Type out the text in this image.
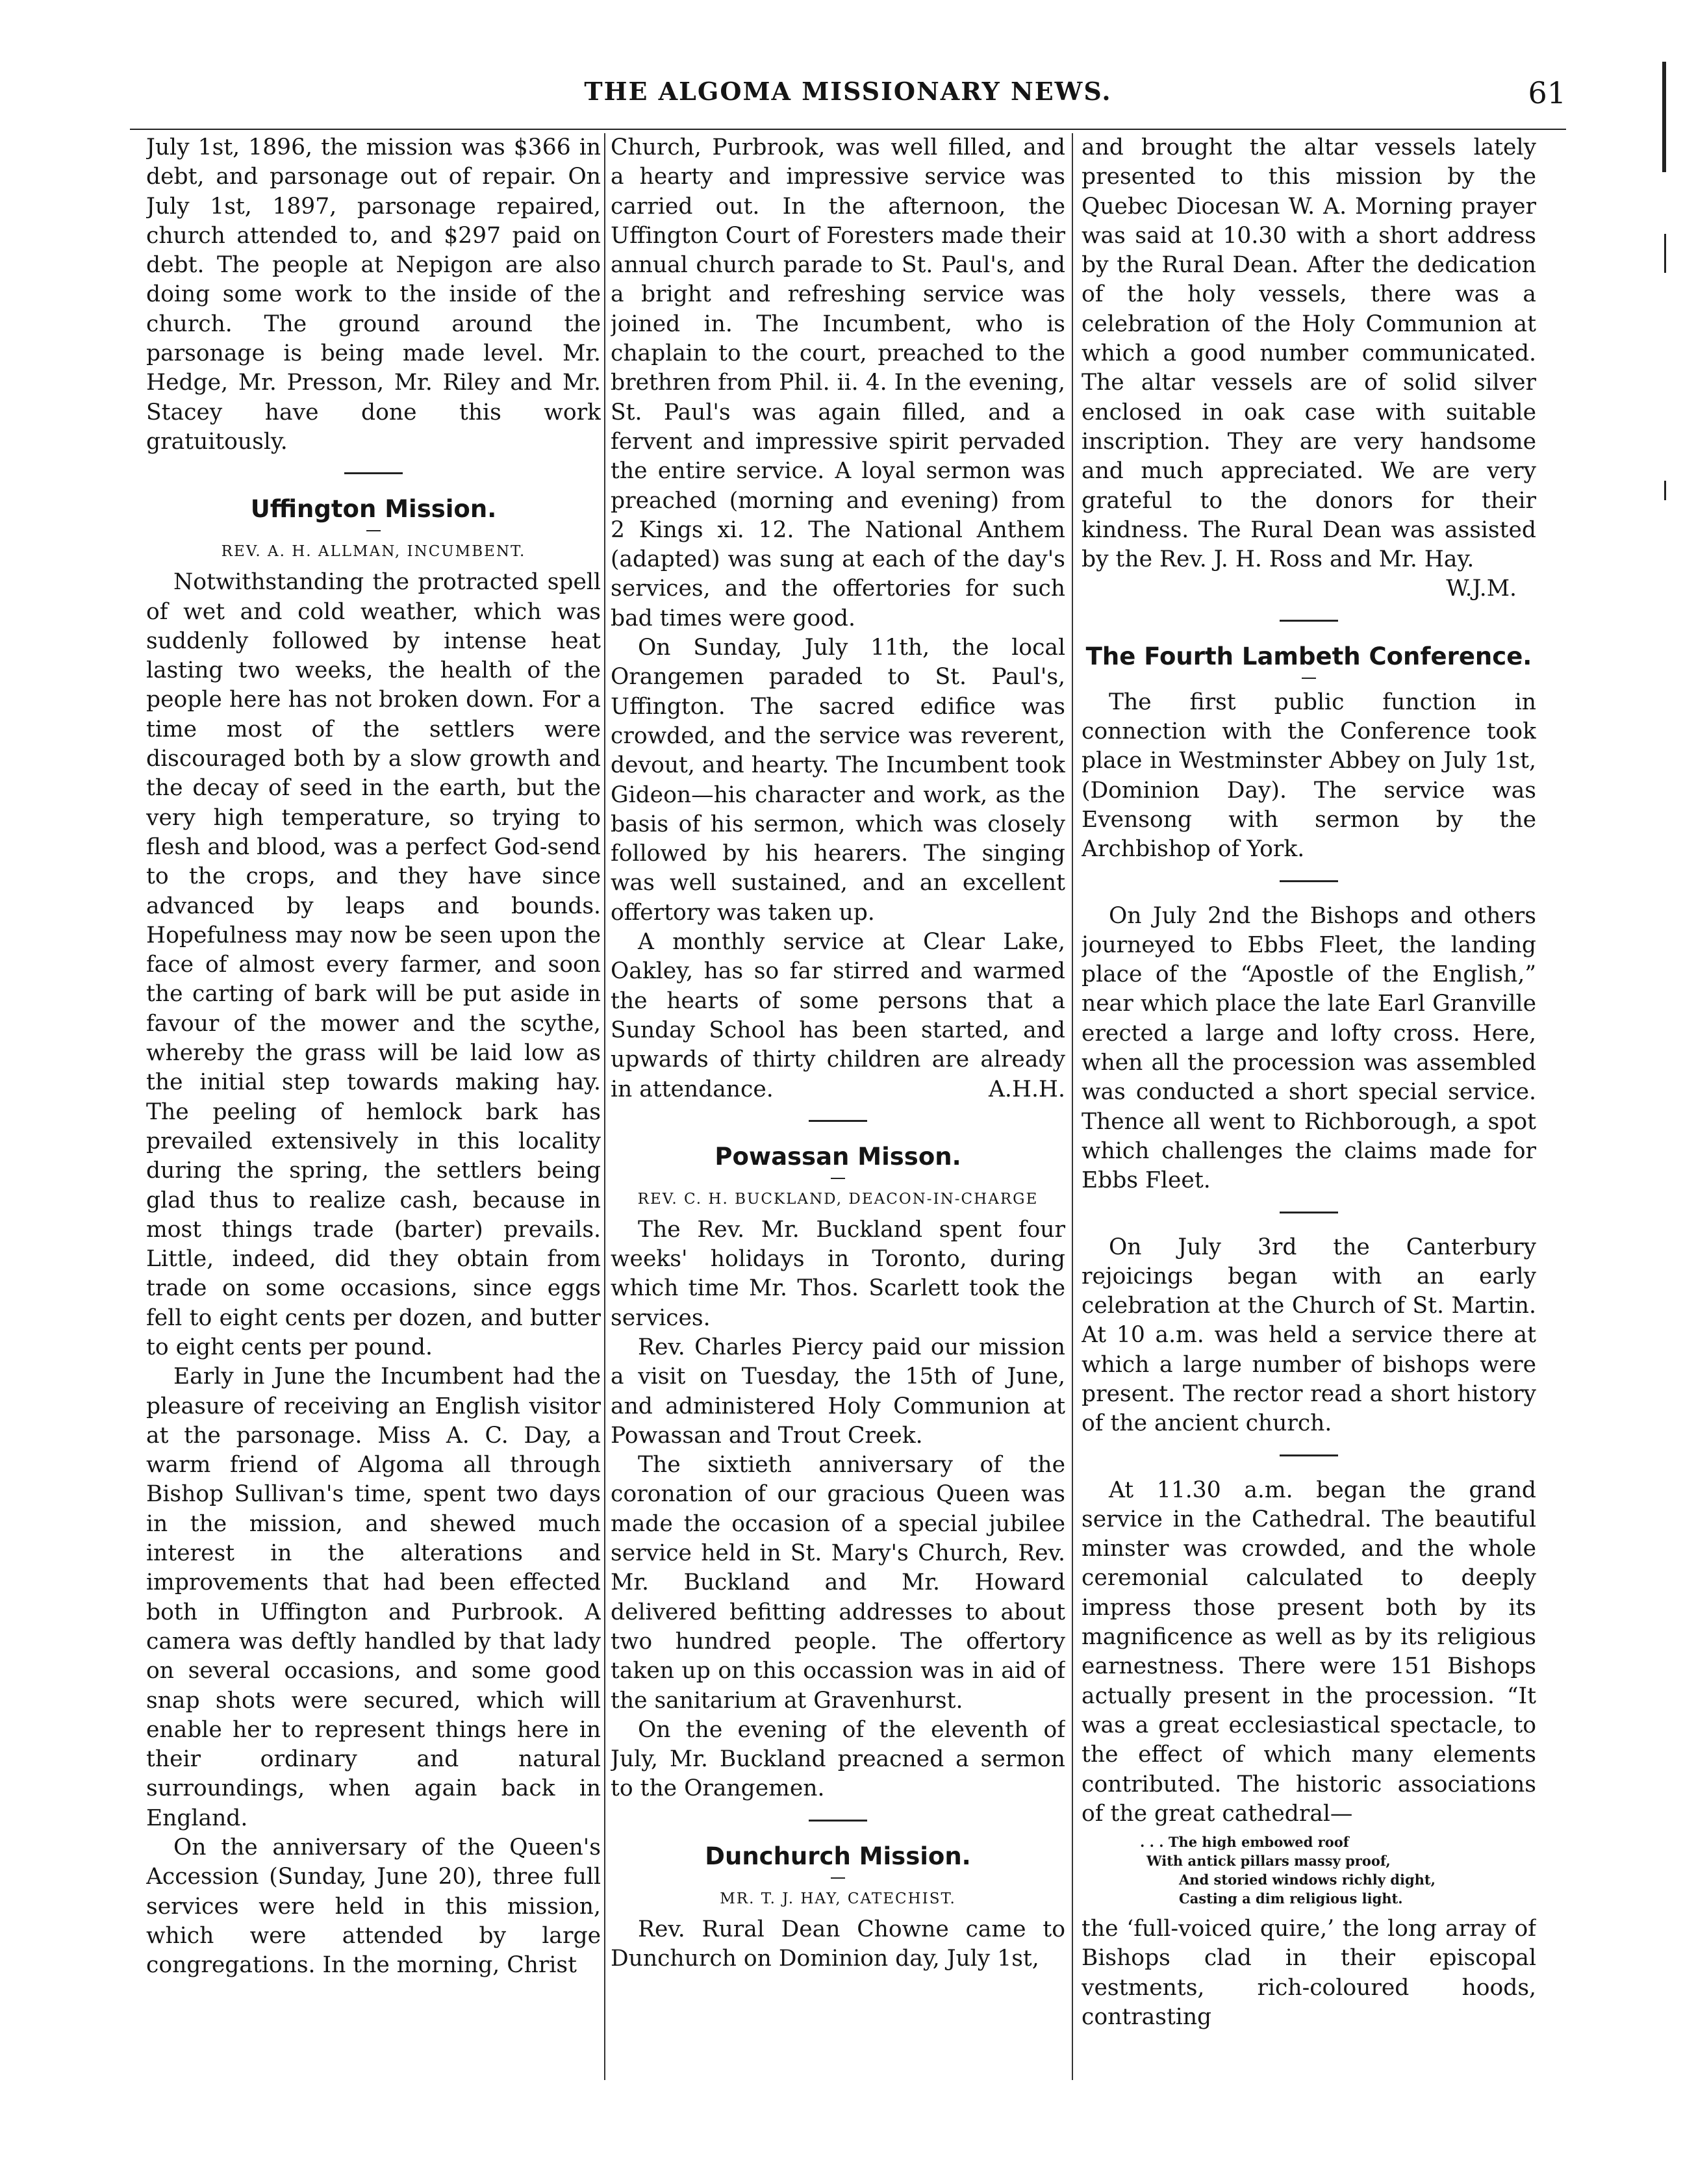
THE ALGOMA MISSIONARY NEWS.	61

July 1st, 1896, the mission was $366 in debt, and parsonage out of repair. On July 1st, 1897, parsonage repaired, church attended to, and $297 paid on debt. The people at Nepigon are also doing some work to the inside of the church. The ground around the parsonage is being made level. Mr. Hedge, Mr. Presson, Mr. Riley and Mr. Stacey have done this work gratuitously.

Uffington Mission.
REV. A. H. ALLMAN, INCUMBENT.

Notwithstanding the protracted spell of wet and cold weather, which was suddenly followed by intense heat lasting two weeks, the health of the people here has not broken down. For a time most of the settlers were discouraged both by a slow growth and the decay of seed in the earth, but the very high temperature, so trying to flesh and blood, was a perfect God-send to the crops, and they have since advanced by leaps and bounds. Hopefulness may now be seen upon the face of almost every farmer, and soon the carting of bark will be put aside in favour of the mower and the scythe, whereby the grass will be laid low as the initial step towards making hay. The peeling of hemlock bark has prevailed extensively in this locality during the spring, the settlers being glad thus to realize cash, because in most things trade (barter) prevails. Little, indeed, did they obtain from trade on some occasions, since eggs fell to eight cents per dozen, and butter to eight cents per pound.

Early in June the Incumbent had the pleasure of receiving an English visitor at the parsonage. Miss A. C. Day, a warm friend of Algoma all through Bishop Sullivan's time, spent two days in the mission, and shewed much interest in the alterations and improvements that had been effected both in Uffington and Purbrook. A camera was deftly handled by that lady on several occasions, and some good snap shots were secured, which will enable her to represent things here in their ordinary and natural surroundings, when again back in England.

On the anniversary of the Queen's Accession (Sunday, June 20), three full services were held in this mission, which were attended by large congregations. In the morning, Christ

Church, Purbrook, was well filled, and a hearty and impressive service was carried out. In the afternoon, the Uffington Court of Foresters made their annual church parade to St. Paul's, and a bright and refreshing service was joined in. The Incumbent, who is chaplain to the court, preached to the brethren from Phil. ii. 4. In the evening, St. Paul's was again filled, and a fervent and impressive spirit pervaded the entire service. A loyal sermon was preached (morning and evening) from 2 Kings xi. 12. The National Anthem (adapted) was sung at each of the day's services, and the offertories for such bad times were good.

On Sunday, July 11th, the local Orangemen paraded to St. Paul's, Uffington. The sacred edifice was crowded, and the service was reverent, devout, and hearty. The Incumbent took Gideon—his character and work, as the basis of his sermon, which was closely followed by his hearers. The singing was well sustained, and an excellent offertory was taken up.

A monthly service at Clear Lake, Oakley, has so far stirred and warmed the hearts of some persons that a Sunday School has been started, and upwards of thirty children are already in attendance.	A.H.H.

Powassan Misson.
REV. C. H. BUCKLAND, DEACON-IN-CHARGE

The Rev. Mr. Buckland spent four weeks' holidays in Toronto, during which time Mr. Thos. Scarlett took the services.

Rev. Charles Piercy paid our mission a visit on Tuesday, the 15th of June, and administered Holy Communion at Powassan and Trout Creek.

The sixtieth anniversary of the coronation of our gracious Queen was made the occasion of a special jubilee service held in St. Mary's Church, Rev. Mr. Buckland and Mr. Howard delivered befitting addresses to about two hundred people. The offertory taken up on this occassion was in aid of the sanitarium at Gravenhurst.

On the evening of the eleventh of July, Mr. Buckland preacned a sermon to the Orangemen.

Dunchurch Mission.
MR. T. J. HAY, CATECHIST.

Rev. Rural Dean Chowne came to Dunchurch on Dominion day, July 1st,

and brought the altar vessels lately presented to this mission by the Quebec Diocesan W. A. Morning prayer was said at 10.30 with a short address by the Rural Dean. After the dedication of the holy vessels, there was a celebration of the Holy Communion at which a good number communicated. The altar vessels are of solid silver enclosed in oak case with suitable inscription. They are very handsome and much appreciated. We are very grateful to the donors for their kindness. The Rural Dean was assisted by the Rev. J. H. Ross and Mr. Hay.

W.J.M.
The Fourth Lambeth Conference.

The first public function in connection with the Conference took place in Westminster Abbey on July 1st, (Dominion Day). The service was Evensong with sermon by the Archbishop of York.

On July 2nd the Bishops and others journeyed to Ebbs Fleet, the landing place of the “Apostle of the English,” near which place the late Earl Granville erected a large and lofty cross. Here, when all the procession was assembled was conducted a short special service. Thence all went to Richborough, a spot which challenges the claims made for Ebbs Fleet.

On July 3rd the Canterbury rejoicings began with an early celebration at the Church of St. Martin. At 10 a.m. was held a service there at which a large number of bishops were present. The rector read a short history of the ancient church.

At 11.30 a.m. began the grand service in the Cathedral. The beautiful minster was crowded, and the whole ceremonial calculated to deeply impress those present both by its magnificence as well as by its religious earnestness. There were 151 Bishops actually present in the procession. “It was a great ecclesiastical spectacle, to the effect of which many elements contributed. The historic associations of the great cathedral—

. . . The high embowed roof
With antick pillars massy proof,
And storied windows richly dight,
Casting a dim religious light.

the ‘full-voiced quire,’ the long array of Bishops clad in their episcopal vestments, rich-coloured hoods, contrasting
